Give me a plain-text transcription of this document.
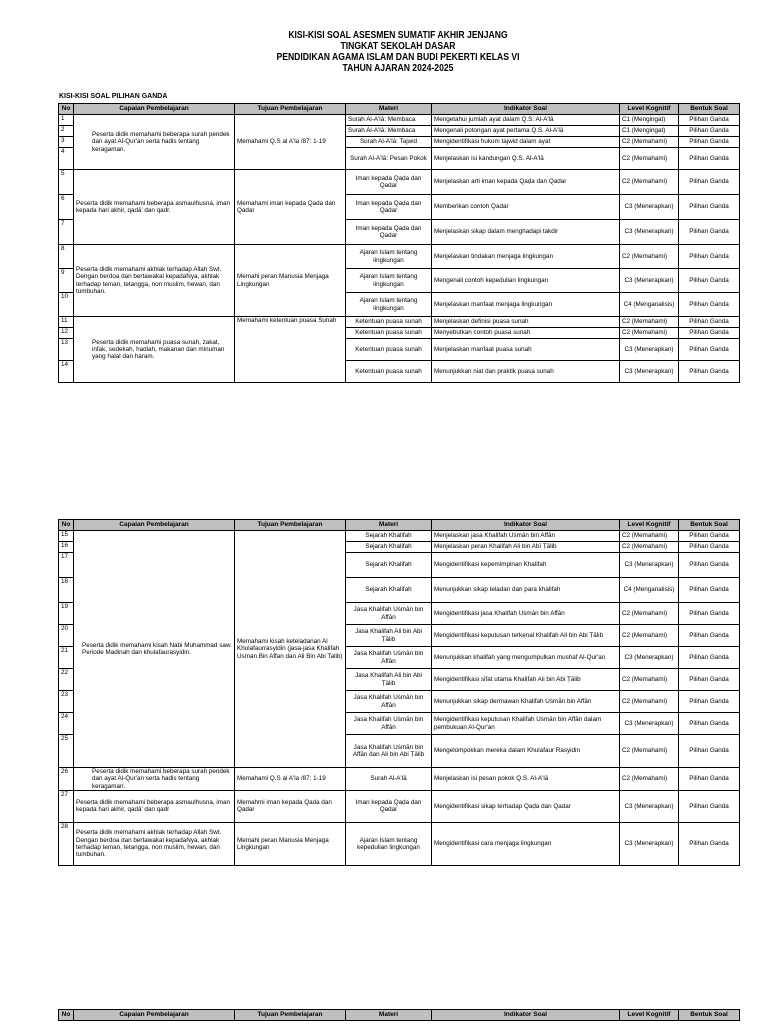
KISI-KISI SOAL ASESMEN SUMATIF AKHIR JENJANG
TINGKAT SEKOLAH DASAR
PENDIDIKAN AGAMA ISLAM DAN BUDI PEKERTI KELAS VI
TAHUN AJARAN 2024-2025
KISI-KISI SOAL PILIHAN GANDA
No	Capaian Pembelajaran	Tujuan Pembelajaran	Materi	Indikator Soal	Level Kognitif	Bentuk Soal
1	Peserta didik memahami beberapa surah pendek dan ayat Al-Qur'an serta hadis tentang keragaman.	Memahami Q.S al A'la /87: 1-19	Surah Al-A'lā: Membaca	Mengetahui jumlah ayat dalam Q.S. Al-A'lā	C1 (Mengingat)	Pilihan Ganda
2			Surah Al-A'lā: Membaca	Mengenali potongan ayat pertama Q.S. Al-A'lā	C1 (Mengingat)	Pilihan Ganda
3			Surah Al-A'lā: Tajwid	Mengidentifikasi hukum tajwid dalam ayat	C2 (Memahami)	Pilihan Ganda
4			Surah Al-A'lā: Pesan Pokok	Menjelaskan isi kandungan Q.S. Al-A'lā	C2 (Memahami)	Pilihan Ganda
5	Peserta didik memahami beberapa asmaulhusna, iman kepada hari akhir, qadā' dan qadr.	Memahami iman kepada Qada dan Qadar	Iman kepada Qaḍa dan Qadar	Menjelaskan arti iman kepada Qaḍa dan Qadar	C2 (Memahami)	Pilihan Ganda
6			Iman kepada Qaḍa dan Qadar	Memberikan contoh Qadar	C3 (Menerapkan)	Pilihan Ganda
7			Iman kepada Qaḍa dan Qadar	Menjelaskan sikap dalam menghadapi takdir	C3 (Menerapkan)	Pilihan Ganda
8	Peserta didik memahami akhlak terhadap Allah Swt. Dengan berdoa dan bertawakal kepadaNya, akhlak terhadap teman, tetangga, non muslim, hewan, dan tumbuhan.	Memahi peran Manusia Menjaga Lingkungan	Ajaran Islam tentang lingkungan	Menjelaskan tindakan menjaga lingkungan	C2 (Memahami)	Pilihan Ganda
9			Ajaran Islam tentang lingkungan	Mengenali contoh kepedulian lingkungan	C3 (Menerapkan)	Pilihan Ganda
10			Ajaran Islam tentang lingkungan	Menjelaskan manfaat menjaga lingkungan	C4 (Menganalisis)	Pilihan Ganda
11	Peserta didik memahami puasa sunah, zakat, infak, sedekah, hadiah, makanan dan minuman yang halal dan haram.	Memahami ketentuan puasa Sunah	Ketentuan puasa sunah	Menjelaskan definisi puasa sunah	C2 (Memahami)	Pilihan Ganda
12			Ketentuan puasa sunah	Menyebutkan contoh puasa sunah	C2 (Memahami)	Pilihan Ganda
13			Ketentuan puasa sunah	Menjelaskan manfaat puasa sunah	C3 (Menerapkan)	Pilihan Ganda
14			Ketentuan puasa sunah	Menunjukkan niat dan praktik puasa sunah	C3 (Menerapkan)	Pilihan Ganda
No	Capaian Pembelajaran	Tujuan Pembelajaran	Materi	Indikator Soal	Level Kognitif	Bentuk Soal
15	Peserta didik memahami kisah Nabi Muhammad saw. Periode Madinah dan khulafaurasyidin.	Memahami kisah keteladanan Al Khulafaurrasyidin (jasa-jasa Khalifah Usman Bin Affan dan Ali Bin Abi Talib)	Sejarah Khalifah	Menjelaskan jasa Khalifah Uṡmān bin Affān	C2 (Memahami)	Pilihan Ganda
16			Sejarah Khalifah	Menjelaskan peran Khalifah Ali bin Abī Ṭālib	C2 (Memahami)	Pilihan Ganda
17			Sejarah Khalifah	Mengidentifikasi kepemimpinan Khalifah	C3 (Menerapkan)	Pilihan Ganda
18			Sejarah Khalifah	Menunjukkan sikap teladan dari para khalifah	C4 (Menganalisis)	Pilihan Ganda
19			Jasa Khalifah Uṡmān bin Affān	Mengidentifikasi jasa Khalifah Uṡmān bin Affān	C2 (Memahami)	Pilihan Ganda
20			Jasa Khalifah Ali bin Abi Ṭālib	Mengidentifikasi keputusan terkenal Khalifah Ali bin Abi Ṭālib	C2 (Memahami)	Pilihan Ganda
21			Jasa Khalifah Uṡmān bin Affān	Menunjukkan khalifah yang mengumpulkan mushaf Al-Qur'an	C3 (Menerapkan)	Pilihan Ganda
22			Jasa Khalifah Ali bin Abi Ṭālib	Mengidentifikasi sifat utama Khalifah Ali bin Abi Ṭālib	C2 (Memahami)	Pilihan Ganda
23			Jasa Khalifah Uṡmān bin Affān	Menunjukkan sikap dermawan Khalifah Uṡmān bin Affān	C2 (Memahami)	Pilihan Ganda
24			Jasa Khalifah Uṡmān bin Affān	Mengidentifikasi keputusan Khalifah Uṡmān bin Affān dalam pembukuan Al-Qur'an	C3 (Menerapkan)	Pilihan Ganda
25			Jasa Khalifah Uṡmān bin Affān dan Ali bin Abi Ṭālib	Mengelompokkan mereka dalam Khulafaur Rasyidin	C2 (Memahami)	Pilihan Ganda
26	Peserta didik memahami beberapa surah pendek dan ayat Al-Qur'an serta hadis tentang keragaman.	Memahami Q.S al A'la /87: 1-19	Surah Al-A'lā	Menjelaskan isi pesan pokok Q.S. Al-A'lā	C2 (Memahami)	Pilihan Ganda
27	Peserta didik memahami beberapa asmaulhusna, iman kepada hari akhir, qadā' dan qadr	Memahmi iman kepada Qada dan Qadar	Iman kepada Qaḍa dan Qadar	Mengidentifikasi sikap terhadap Qaḍa dan Qadar	C3 (Menerapkan)	Pilihan Ganda
28	Peserta didik memahami akhlak terhadap Allah Swt. Dengan berdoa dan bertawakal kepadaNya, akhlak terhadap teman, tetangga, non muslim, hewan, dan tumbuhan.	Memahi peran Manusia Menjaga Lingkungan	Ajaran Islam tentang kepedulian lingkungan	Mengidentifikasi cara menjaga lingkungan	C3 (Menerapkan)	Pilihan Ganda
No	Capaian Pembelajaran	Tujuan Pembelajaran	Materi	Indikator Soal	Level Kognitif	Bentuk Soal
